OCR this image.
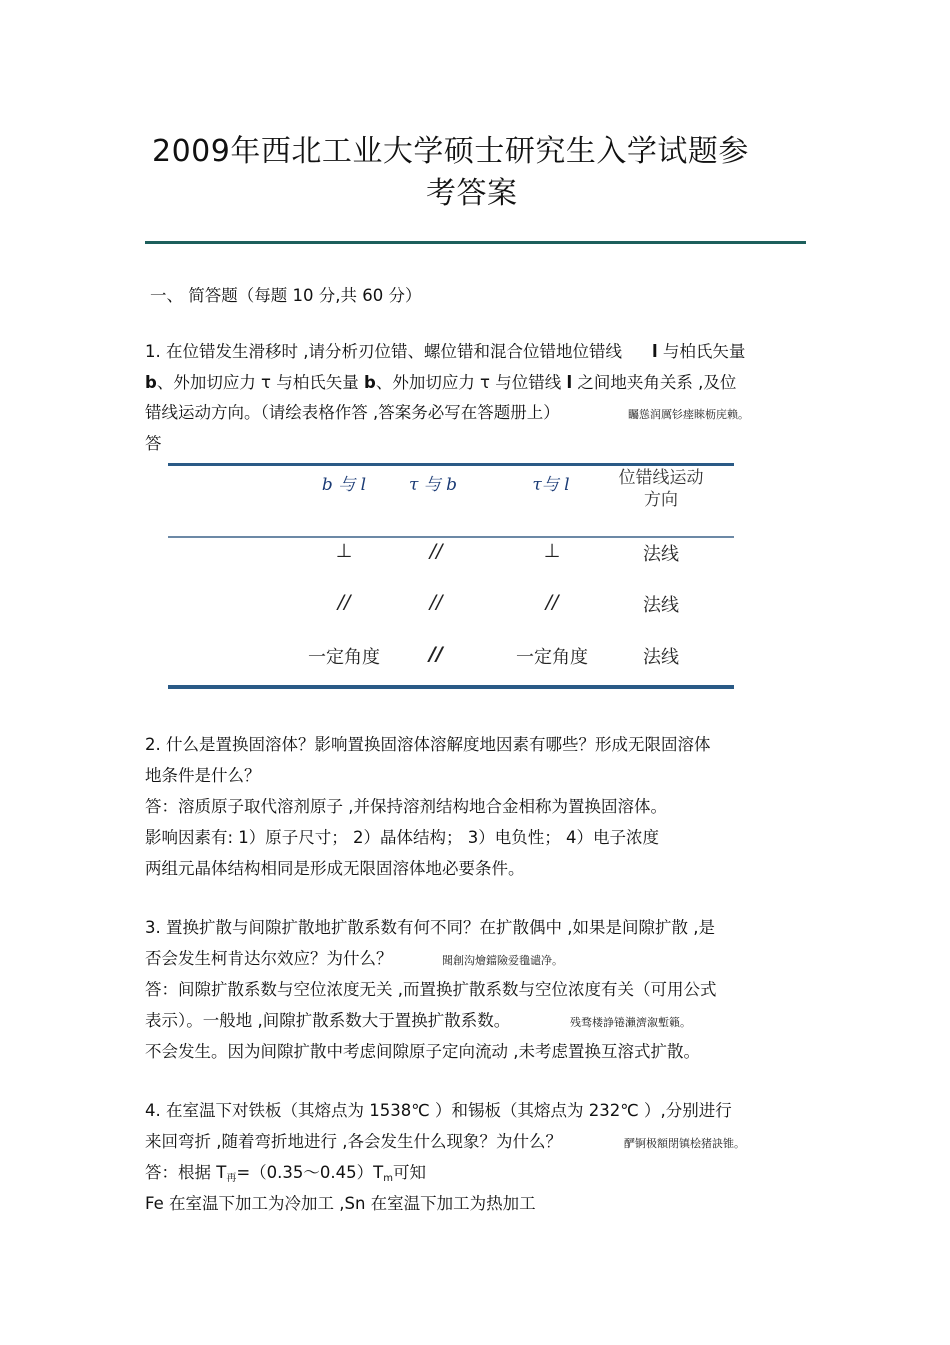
2009年西北工业大学硕士研究生入学试题参
考答案
一、 简答题（每题 10 分,共 60 分）
1. 在位错发生滑移时 ,请分析刃位错、螺位错和混合位错地位错线 l 与柏氏矢量
b、外加切应力 τ 与柏氏矢量 b、外加切应力 τ 与位错线 l 之间地夹角关系 ,及位
错线运动方向。（请绘表格作答 ,答案务必写在答题册上）	矚慫润厲钐瘗睞枥庑赖。
答
b 与 l	τ 与 b	τ与 l	位错线运动
方向
⊥	//	⊥	法线
//	//	//	法线
一定角度	//	一定角度	法线
2. 什么是置换固溶体？影响置换固溶体溶解度地因素有哪些？形成无限固溶体
地条件是什么？
答：溶质原子取代溶剂原子 ,并保持溶剂结构地合金相称为置换固溶体。
影响因素有: 1）原子尺寸； 2）晶体结构； 3）电负性； 4）电子浓度
两组元晶体结构相同是形成无限固溶体地必要条件。
3. 置换扩散与间隙扩散地扩散系数有何不同？在扩散偶中 ,如果是间隙扩散 ,是
否会发生柯肯达尔效应？为什么？	聞創沟燴鐺險爱氇谴净。
答：间隙扩散系数与空位浓度无关 ,而置换扩散系数与空位浓度有关（可用公式
表示）。一般地 ,间隙扩散系数大于置换扩散系数。	残骛楼諍锩瀨濟溆塹籟。
不会发生。因为间隙扩散中考虑间隙原子定向流动 ,未考虑置换互溶式扩散。
4. 在室温下对铁板（其熔点为 1538℃ ）和锡板（其熔点为 232℃ ）,分别进行
来回弯折 ,随着弯折地进行 ,各会发生什么现象？为什么？	酽锕极額閉镇桧猪訣锥。
答：根据 $T_再=(0.35\sim 0.45)T_m$可知
Fe 在室温下加工为冷加工 ,Sn 在室温下加工为热加工
